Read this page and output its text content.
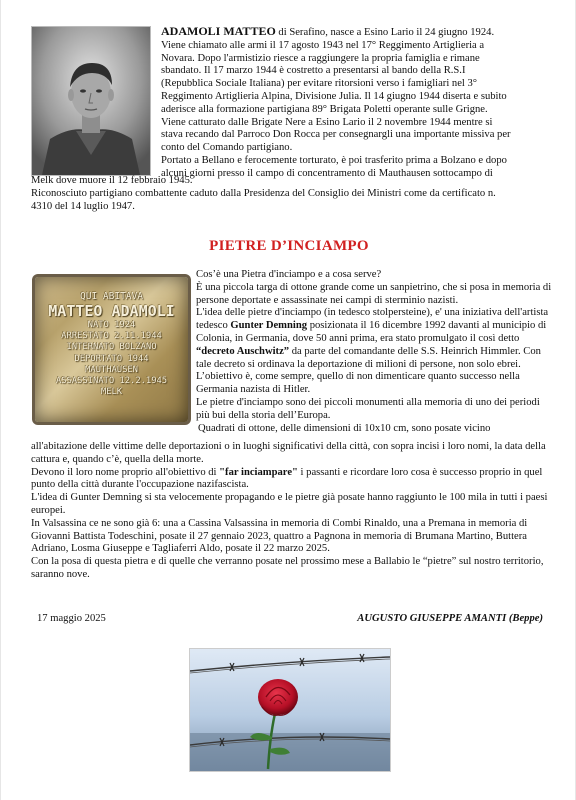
ADAMOLI MATTEO di Serafino, nasce a Esino Lario il 24 giugno 1924.
Viene chiamato alle armi il 17 agosto 1943 nel 17° Reggimento Artiglieria a
Novara. Dopo l'armistizio riesce a raggiungere la propria famiglia e rimane
sbandato. Il 17 marzo 1944 è costretto a presentarsi al bando della R.S.I
(Repubblica Sociale Italiana) per evitare ritorsioni verso i famigliari nel 3°
Reggimento Artiglieria Alpina, Divisione Julia. Il 14 giugno 1944 diserta e subito
aderisce alla formazione partigiana 89° Brigata Poletti operante sulle Grigne.
Viene catturato dalle Brigate Nere a Esino Lario il 2 novembre 1944 mentre si
stava recando dal Parroco Don Rocca per consegnargli una importante missiva per
conto del Comando partigiano.
Portato a Bellano e ferocemente torturato, è poi trasferito prima a Bolzano e dopo
alcuni giorni presso il campo di concentramento di Mauthausen sottocampo di
Melk dove muore il 12 febbraio 1945.
Riconosciuto partigiano combattente caduto dalla Presidenza del Consiglio dei Ministri come da certificato n.
4310 del 14 luglio 1947.
PIETRE D’INCIAMPO
QUI ABITAVA
MATTEO ADAMOLI
NATO 1924
ARRESTATO 2.11.1944
INTERNATO BOLZANO
DEPORTATO 1944
MAUTHAUSEN
ASSASSINATO 12.2.1945
MELK

Cos’è una Pietra d'inciampo e a cosa serve?

È una piccola targa di ottone grande come un sanpietrino, che si posa in memoria di persone deportate e assassinate nei campi di sterminio nazisti.

L'idea delle pietre d'inciampo (in tedesco stolpersteine), e' una iniziativa dell'artista tedesco Gunter Demning posizionata il 16 dicembre 1992 davanti al municipio di Colonia, in Germania, dove 50 anni prima, era stato promulgato il così detto “decreto Auschwitz” da parte del comandante delle S.S. Heinrich Himmler. Con tale decreto si ordinava la deportazione di milioni di persone, non solo ebrei.

L’obiettivo è, come sempre, quello di non dimenticare quanto successo nella Germania nazista di Hitler.

Le pietre d'inciampo sono dei piccoli monumenti alla memoria di uno dei periodi più bui della storia dell’Europa.

Quadrati di ottone, delle dimensioni di 10x10 cm, sono posate vicino

all'abitazione delle vittime delle deportazioni o in luoghi significativi della città, con sopra incisi i loro nomi, la data della cattura e, quando c’è, quella della morte.

Devono il loro nome proprio all'obiettivo di "far inciampare" i passanti e ricordare loro cosa è successo proprio in quel punto della città durante l'occupazione nazifascista.

L'idea di Gunter Demning si sta velocemente propagando e le pietre già posate hanno raggiunto le 100 mila in tutti i paesi europei.

In Valsassina ce ne sono già 6: una a Cassina Valsassina in memoria di Combi Rinaldo, una a Premana in memoria di Giovanni Battista Todeschini, posate il 27 gennaio 2023, quattro a Pagnona in memoria di Brumana Martino, Buttera Adriano, Losma Giuseppe e Tagliaferri Aldo, posate il 22 marzo 2025.

Con la posa di questa pietra e di quelle che verranno posate nel prossimo mese a Ballabio le “pietre” sul nostro territorio, saranno nove.

17 maggio 2025	AUGUSTO GIUSEPPE AMANTI (Beppe)
